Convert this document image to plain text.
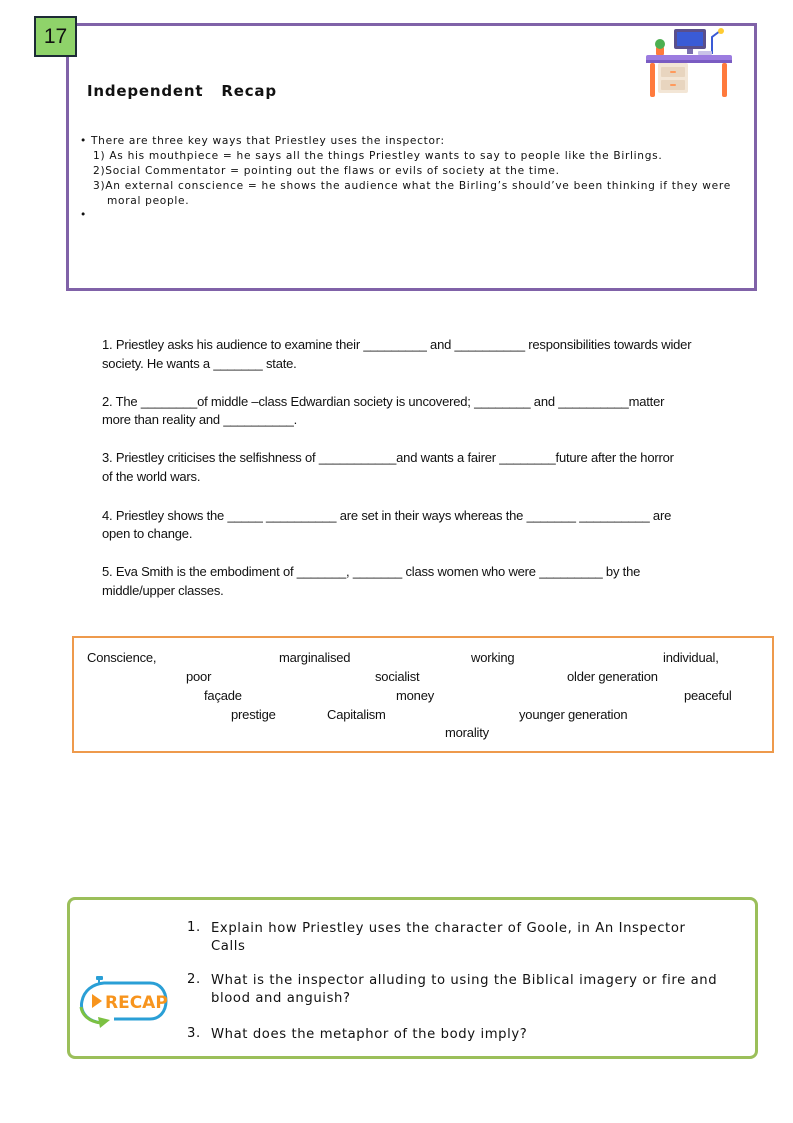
17
Independent Recap
• There are three key ways that Priestley uses the inspector:
1) As his mouthpiece = he says all the things Priestley wants to say to people like the Birlings.
2)Social Commentator = pointing out the flaws or evils of society at the time.
3)An external conscience = he shows the audience what the Birling’s should’ve been thinking if they were
moral people.
•
1. Priestley asks his audience to examine their _________ and __________ responsibilities towards wider
society. He wants a _______ state.
2. The ________of middle –class Edwardian society is uncovered; ________ and __________matter
more than reality and __________.
3. Priestley criticises the selfishness of ___________and wants a fairer ________future after the horror
of the world wars.
4. Priestley shows the _____ __________ are set in their ways whereas the _______ __________ are
open to change.
5. Eva Smith is the embodiment of _______, _______ class women who were _________ by the
middle/upper classes.
Conscience,	marginalised	working	individual,
poor	socialist	older generation
façade	money	peaceful
prestige	Capitalism	younger generation
morality
RECAP
1. Explain how Priestley uses the character of Goole, in An Inspector
Calls
2. What is the inspector alluding to using the Biblical imagery or fire and
blood and anguish?
3. What does the metaphor of the body imply?
